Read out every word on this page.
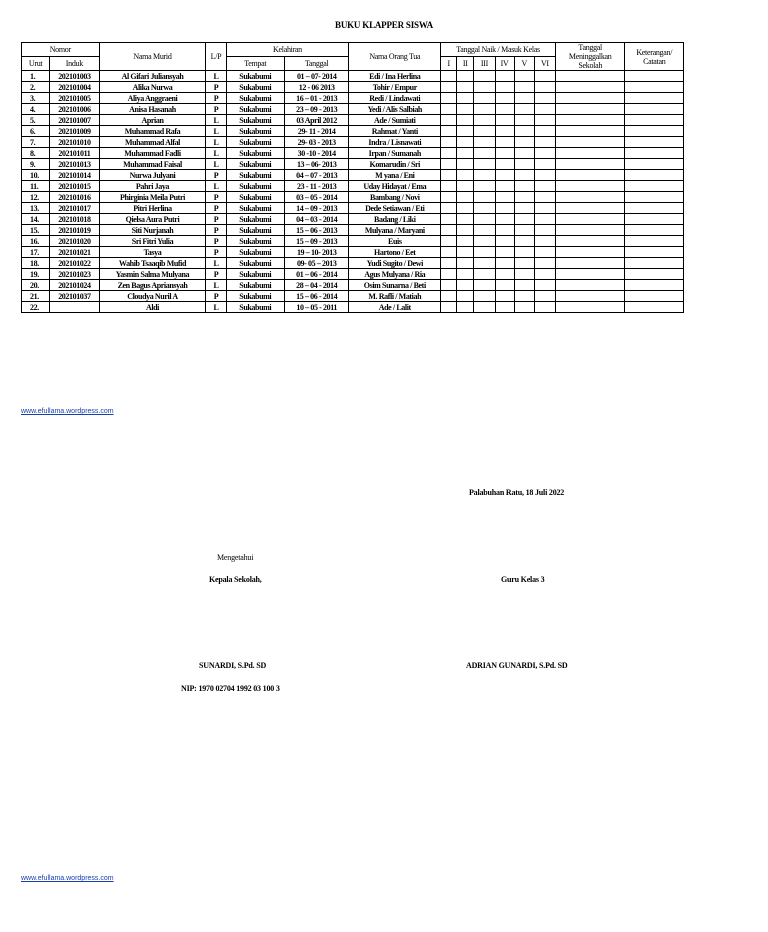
BUKU KLAPPER SISWA
Nomor		Nama Murid	L/P	Kelahiran		Nama Orang Tua	Tanggal Naik / Masuk Kelas						Tanggal Meninggalkan Sekolah	Keterangan/ Catatan
Urut	Induk			Tempat	Tanggal		I	II	III	IV	V	VI		
1.	202101003	Al Gifari Juliansyah	L	Sukabumi	01 – 07- 2014	Edi / Ina Herlina								
2.	202101004	Alika Nurwa	P	Sukabumi	12 - 06 2013	Tohir / Empur								
3.	202101005	Aliya Anggraeni	P	Sukabumi	16 – 01 - 2013	Redi / Lindawati								
4.	202101006	Anisa Hasanah	P	Sukabumi	23 – 09 - 2013	Yedi / Alis Salbiah								
5.	202101007	Aprian	L	Sukabumi	03 April 2012	Ade / Sumiati								
6.	202101009	Muhammad Rafa	L	Sukabumi	29- 11 - 2014	Rahmat / Yanti								
7.	202101010	Muhammad Alfal	L	Sukabumi	29- 03 - 2013	Indra / Lisnawati								
8.	202101011	Muhammad Fadli	L	Sukabumi	30 -10 - 2014	Irpan / Sumanah								
9.	202101013	Muhammad Faisal	L	Sukabumi	13 – 06- 2013	Komarudin / Sri								
10.	202101014	Nurwa Julyani	P	Sukabumi	04 – 07 - 2013	M yana / Eni								
11.	202101015	Pahri Jaya	L	Sukabumi	23 - 11 - 2013	Uday Hidayat / Ema								
12.	202101016	Phirginia Meila Putri	P	Sukabumi	03 – 05 - 2014	Bambang / Novi								
13.	202101017	Pitri Herlina	P	Sukabumi	14 – 09 - 2013	Dede Setiawan / Eti								
14.	202101018	Qielsa Aura Putri	P	Sukabumi	04 – 03 - 2014	Badang / Liki								
15.	202101019	Siti Nurjanah	P	Sukabumi	15 – 06 - 2013	Mulyana / Maryani								
16.	202101020	Sri Fitri Yulia	P	Sukabumi	15 – 09 - 2013	Euis								
17.	202101021	Tasya	P	Sukabumi	19 – 10- 2013	Hartono / Eet								
18.	202101022	Wahib Tsaaqib Mufid	L	Sukabumi	09- 05 – 2013	Yudi Sugito / Dewi								
19.	202101023	Yasmin Salma Mulyana	P	Sukabumi	01 – 06 - 2014	Agus Mulyana / Ria								
20.	202101024	Zen Bagus Apriansyah	L	Sukabumi	28 – 04 - 2014	Osim Sunarna / Beti								
21.	202101037	Cloudya Nuril A	P	Sukabumi	15 – 06 - 2014	M. Rafli / Matiah								
22.		Aldi	L	Sukabumi	10 – 05 - 2011	Ade / Lalit								
www.efullama.wordpress.com
Palabuhan Ratu, 18 Juli 2022
Mengetahui
Kepala Sekolah,	Guru Kelas 3
SUNARDI, S.Pd. SD	ADRIAN GUNARDI, S.Pd. SD
NIP: 1970 02704 1992 03 100 3
www.efullama.wordpress.com
